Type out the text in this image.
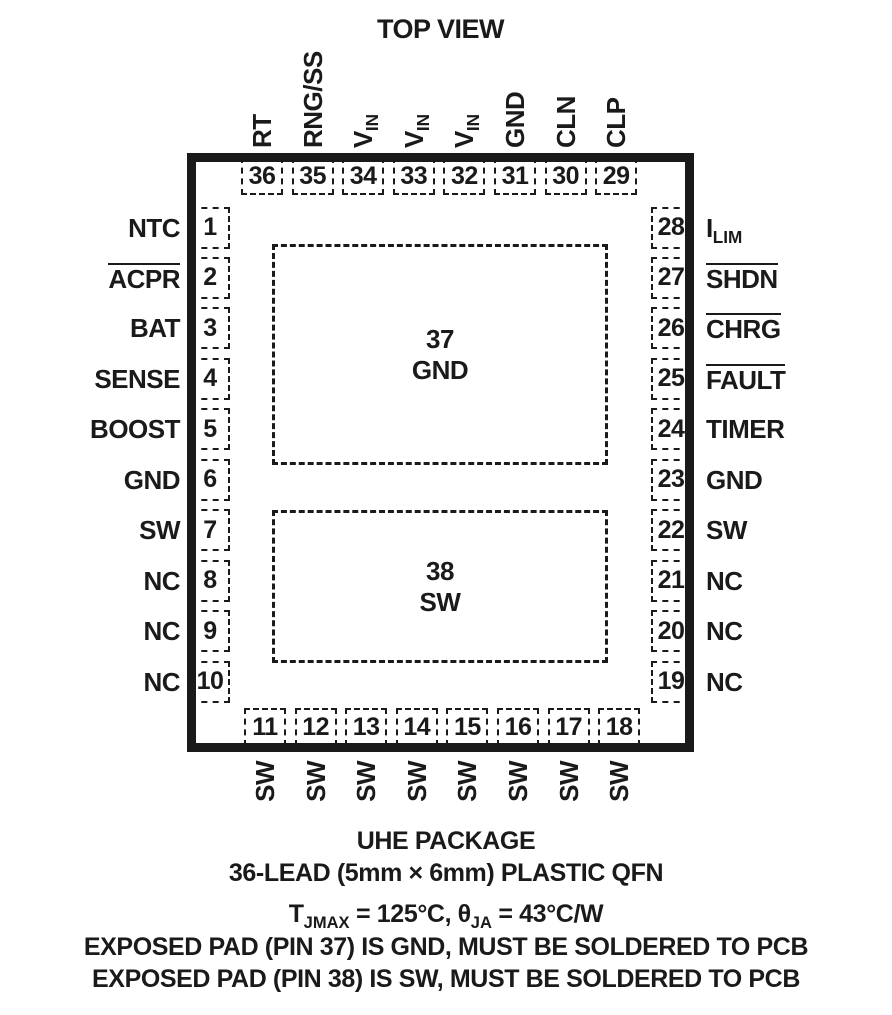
TOP VIEW
37
GND
38
SW
UHE PACKAGE
36-LEAD (5mm × 6mm) PLASTIC QFN
$T_{JMAX} = 125^\circ C$, $\theta_{JA} = 43^\circ C/W$
EXPOSED PAD (PIN 37) IS GND, MUST BE SOLDERED TO PCB
EXPOSED PAD (PIN 38) IS SW, MUST BE SOLDERED TO PCB
36
RT
35
RNG/SS
34
$V_{IN}$
33
$V_{IN}$
32
$V_{IN}$
31
GND
30
CLN
29
CLP
11
SW
12
SW
13
SW
14
SW
15
SW
16
SW
17
SW
18
SW
1
NTC
2
ACPR
3
BAT
4
SENSE
5
BOOST
6
GND
7
SW
8
NC
9
NC
10
NC
28 $I_{LIM}$
27 SHDN
26 CHRG
25 FAULT
24 TIMER
23 GND
22 SW
21 NC
20 NC
19 NC
